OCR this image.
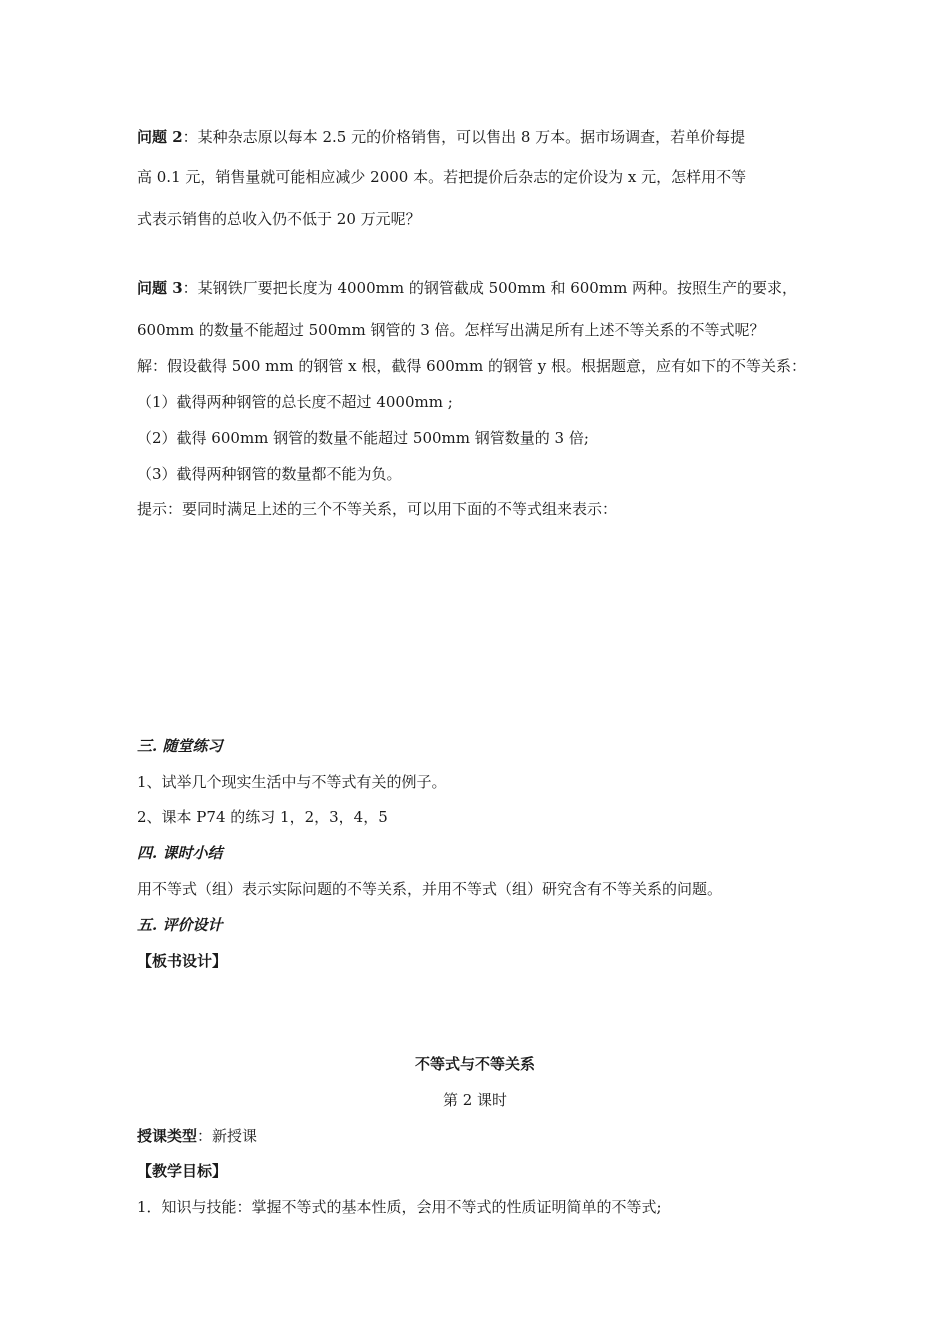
问题 2：某种杂志原以每本 2.5 元的价格销售，可以售出 8 万本。据市场调查，若单价每提
高 0.1 元，销售量就可能相应减少 2000 本。若把提价后杂志的定价设为 x 元，怎样用不等
式表示销售的总收入仍不低于 20 万元呢？
问题 3：某钢铁厂要把长度为 4000mm 的钢管截成 500mm 和 600mm 两种。按照生产的要求，
600mm 的数量不能超过 500mm 钢管的 3 倍。怎样写出满足所有上述不等关系的不等式呢？
解：假设截得 500 mm 的钢管 x 根，截得 600mm 的钢管 y 根。根据题意，应有如下的不等关系：
（1）截得两种钢管的总长度不超过 4000mm ;
（2）截得 600mm 钢管的数量不能超过 500mm 钢管数量的 3 倍;
（3）截得两种钢管的数量都不能为负。
提示：要同时满足上述的三个不等关系，可以用下面的不等式组来表示：
三. 随堂练习
1、试举几个现实生活中与不等式有关的例子。
2、课本 P74 的练习 1，2，3，4，5
四. 课时小结
用不等式（组）表示实际问题的不等关系，并用不等式（组）研究含有不等关系的问题。
五. 评价设计
【板书设计】
不等式与不等关系
第 2 课时
授课类型：新授课
【教学目标】
1．知识与技能：掌握不等式的基本性质，会用不等式的性质证明简单的不等式;
